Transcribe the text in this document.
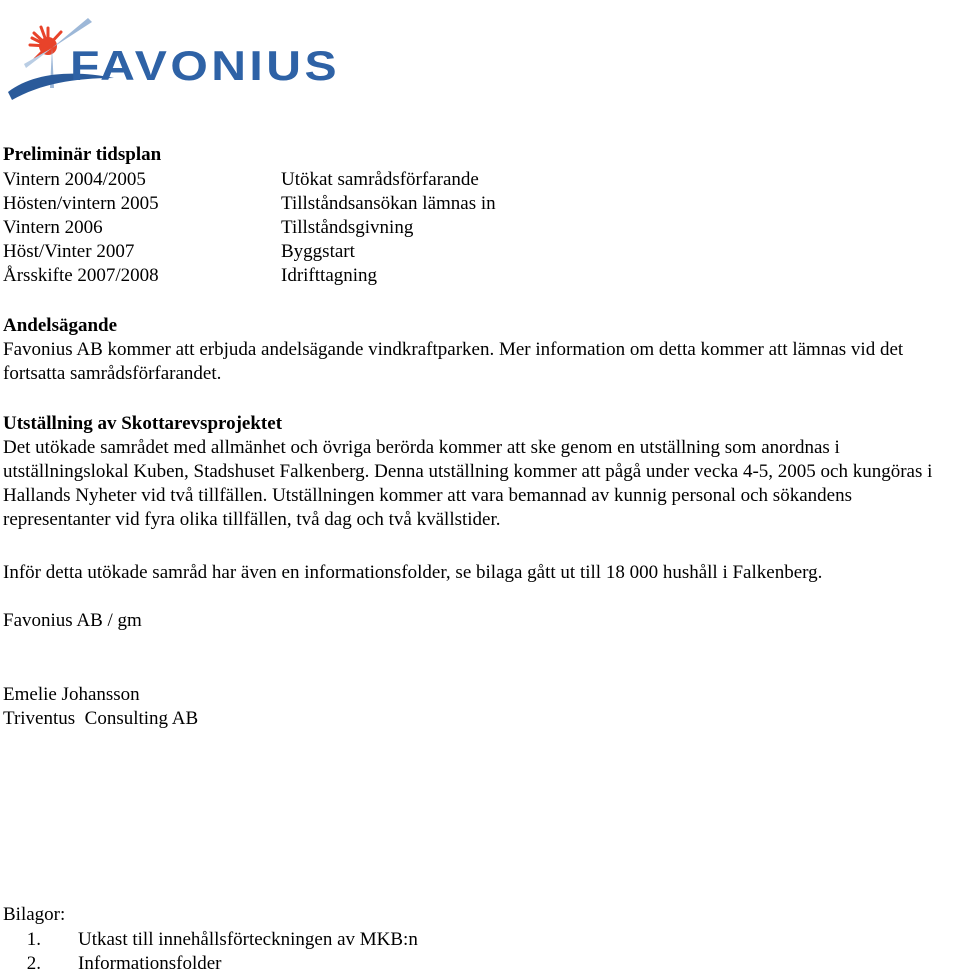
FAVONIUS
Preliminär tidsplan
Vintern 2004/2005	Utökat samrådsförfarande
Hösten/vintern 2005	Tillståndsansökan lämnas in
Vintern 2006	Tillståndsgivning
Höst/Vinter 2007	Byggstart
Årsskifte 2007/2008	Idrifttagning
Andelsägande
Favonius AB kommer att erbjuda andelsägande vindkraftparken. Mer information om detta kommer att lämnas vid det fortsatta samrådsförfarandet.
Utställning av Skottarevsprojektet
Det utökade samrådet med allmänhet och övriga berörda kommer att ske genom en utställning som anordnas i utställningslokal Kuben, Stadshuset Falkenberg. Denna utställning kommer att pågå under vecka 4-5, 2005 och kungöras i Hallands Nyheter vid två tillfällen. Utställningen kommer att vara bemannad av kunnig personal och sökandens representanter vid fyra olika tillfällen, två dag och två kvällstider.
Inför detta utökade samråd har även en informationsfolder, se bilaga gått ut till 18 000 hushåll i Falkenberg.
Favonius AB / gm
Emelie Johansson
Triventus  Consulting AB
Bilagor:
1.	Utkast till innehållsförteckningen av MKB:n
2.	Informationsfolder
